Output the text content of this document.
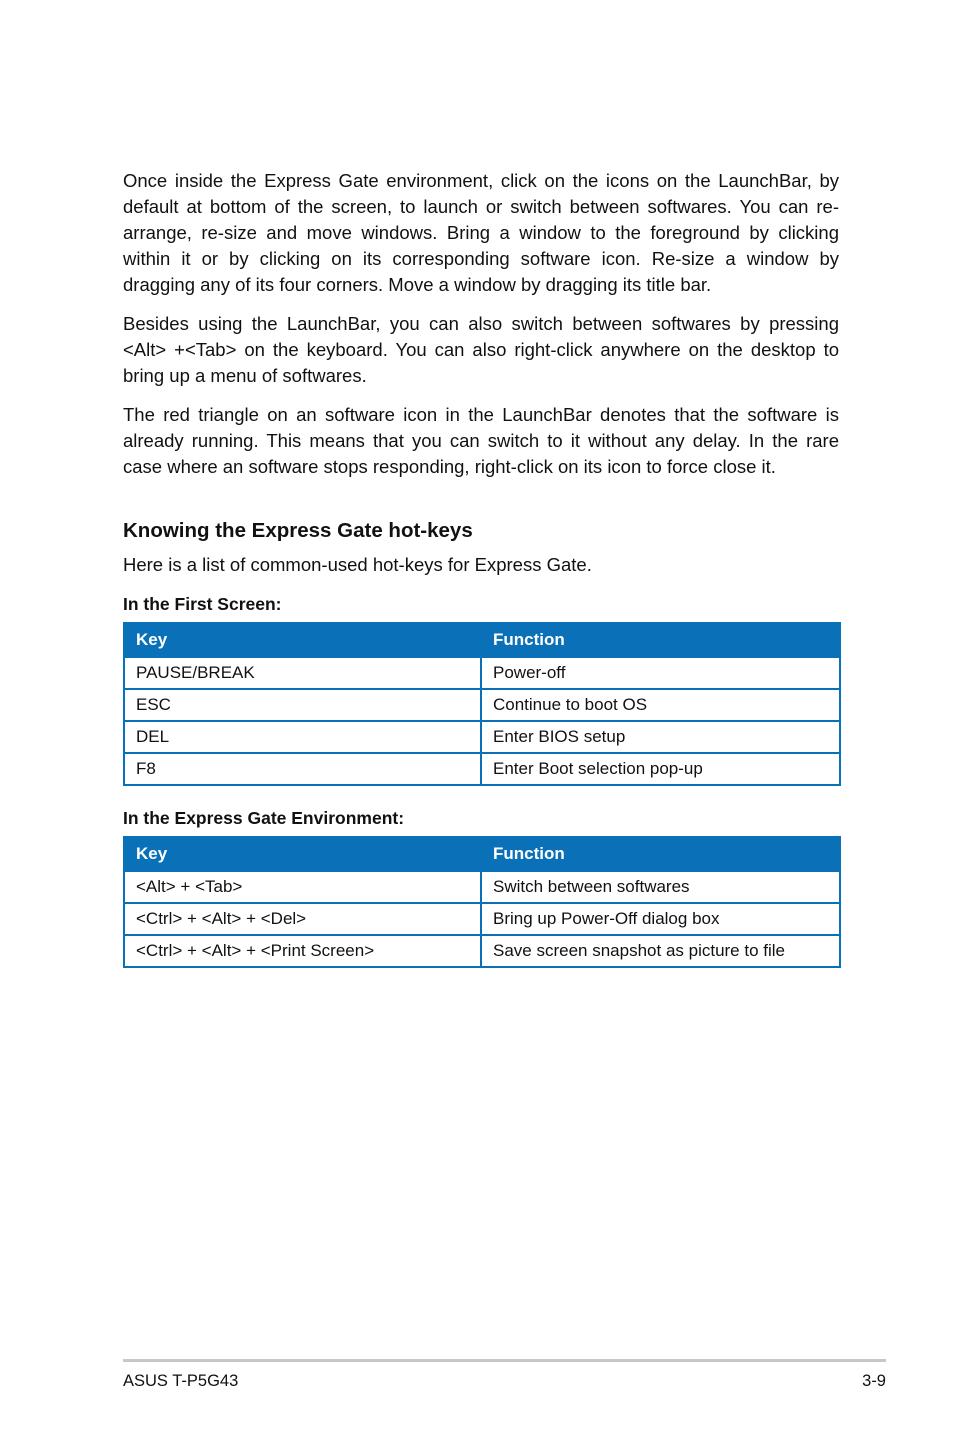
Once inside the Express Gate environment, click on the icons on the LaunchBar, by default at bottom of the screen, to launch or switch between softwares. You can re-arrange, re-size and move windows. Bring a window to the foreground by clicking within it or by clicking on its corresponding software icon. Re-size a window by dragging any of its four corners. Move a window by dragging its title bar.

Besides using the LaunchBar, you can also switch between softwares by pressing <Alt> +<Tab> on the keyboard. You can also right-click anywhere on the desktop to bring up a menu of softwares.

The red triangle on an software icon in the LaunchBar denotes that the software is already running. This means that you can switch to it without any delay. In the rare case where an software stops responding, right-click on its icon to force close it.

Knowing the Express Gate hot-keys

Here is a list of common-used hot-keys for Express Gate.

In the First Screen:

Key	Function
PAUSE/BREAK	Power-off
ESC	Continue to boot OS
DEL	Enter BIOS setup
F8	Enter Boot selection pop-up

In the Express Gate Environment:

Key	Function
<Alt> + <Tab>	Switch between softwares
<Ctrl> + <Alt> + <Del>	Bring up Power-Off dialog box
<Ctrl> + <Alt> + <Print Screen>	Save screen snapshot as picture to file
ASUS T-P5G43	3-9
